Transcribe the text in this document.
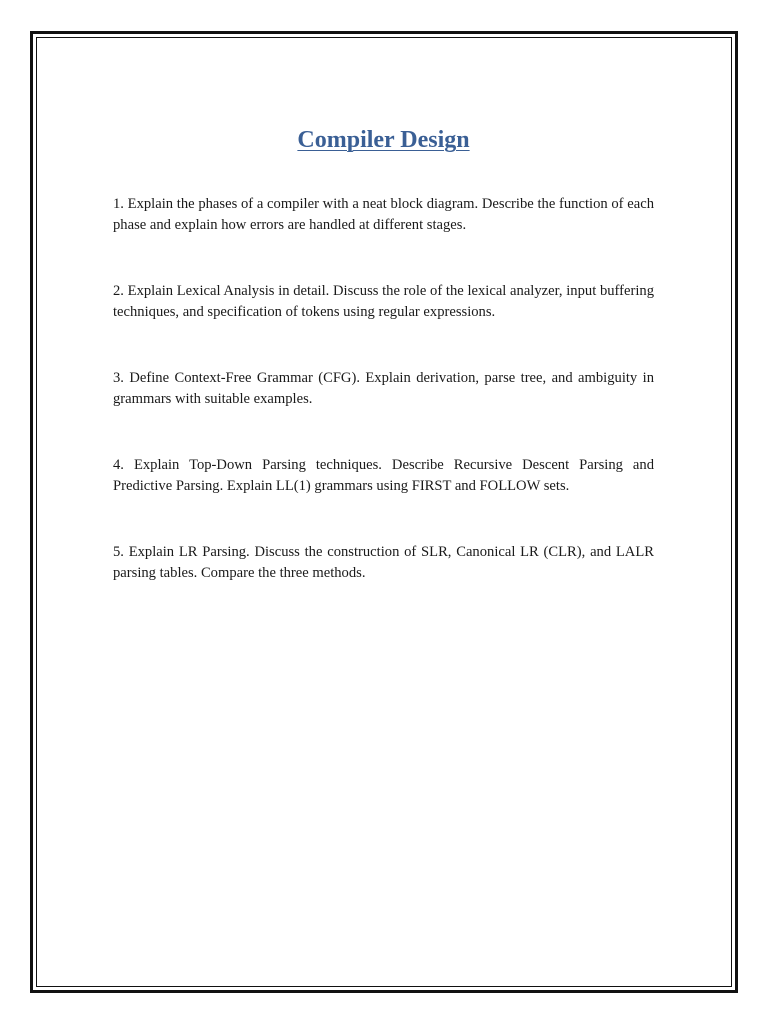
Compiler Design

1. Explain the phases of a compiler with a neat block diagram. Describe the function of each phase and explain how errors are handled at different stages.

2. Explain Lexical Analysis in detail. Discuss the role of the lexical analyzer, input buffering techniques, and specification of tokens using regular expressions.

3. Define Context-Free Grammar (CFG). Explain derivation, parse tree, and ambiguity in grammars with suitable examples.

4. Explain Top-Down Parsing techniques. Describe Recursive Descent Parsing and Predictive Parsing. Explain LL(1) grammars using FIRST and FOLLOW sets.

5. Explain LR Parsing. Discuss the construction of SLR, Canonical LR (CLR), and LALR parsing tables. Compare the three methods.
